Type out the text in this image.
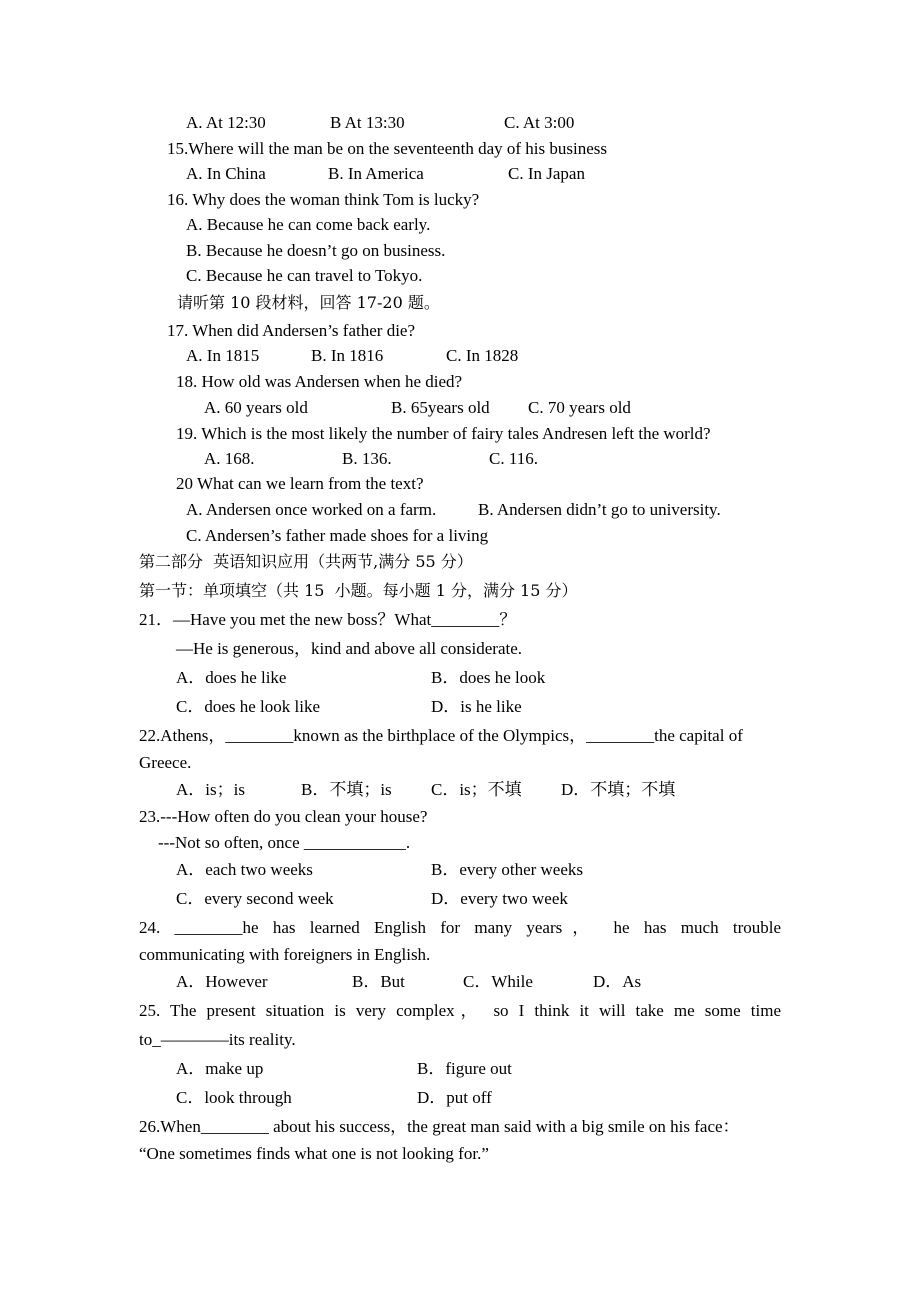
A. At 12:30	B At 13:30	C. At 3:00
15.Where will the man be on the seventeenth day of his business
A. In China	B. In America	C. In Japan
16. Why does the woman think Tom is lucky?
A. Because he can come back early.
B. Because he doesn’t go on business.
C. Because he can travel to Tokyo.
请听第 10 段材料，回答 17-20 题。
17. When did Andersen’s father die?
A. In 1815	B. In 1816	C. In 1828
18. How old was Andersen when he died?
A. 60 years old	B. 65years old C. 70 years old
19. Which is the most likely the number of fairy tales Andresen left the world?
A. 168.	B. 136.	C. 116.
20 What can we learn from the text?
A. Andersen once worked on a farm. B. Andersen didn’t go to university.
C. Andersen’s father made shoes for a living
第二部分  英语知识应用（共两节,满分 55 分）
第一节：单项填空（共 15  小题。每小题 1 分，满分 15 分）
21．—Have you met the new boss？What________？
—He is generous，kind and above all considerate.
A．does he like	B．does he look
C．does he look like	D．is he like
22.Athens，________known as the birthplace of the Olympics，________the capital of
Greece.
A．is；is	B．不填；is C．is；不填 D．不填；不填
23.---How often do you clean your house?
---Not so often, once ____________.
A．each two weeks	B．every other weeks
C．every second week	D．every two week
24. ________he has learned English for many years， he has much trouble
communicating with foreigners in English.
A．However	B．But	C．While	D．As
25. The present situation is very complex， so I think it will take me some time
to_————its reality.
A．make up	B．figure out
C．look through	D．put off
26.When________ about his success，the great man said with a big smile on his face：
“One sometimes finds what one is not looking for.”
